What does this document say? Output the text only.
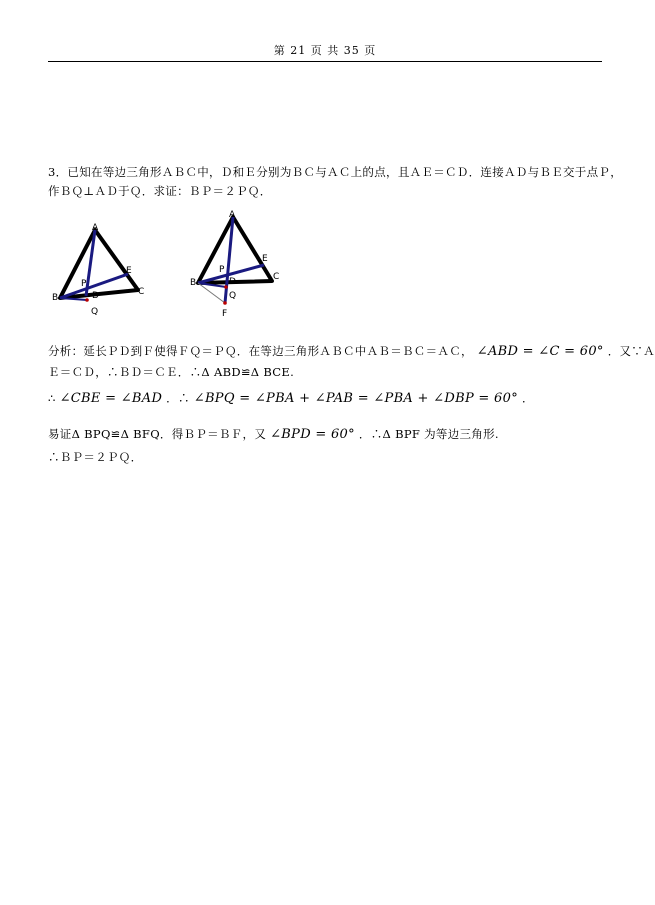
第 21 页 共 35 页
3．已知在等边三角形ＡＢＣ中，Ｄ和Ｅ分别为ＢＣ与ＡＣ上的点，且ＡＥ＝ＣＤ．连接ＡＤ与ＢＥ交于点Ｐ，
作ＢＱ⊥ＡＤ于Ｑ．求证：ＢＰ＝２ＰＱ．
A
B
C
D
E
P
Q
A
B
C
D
E
P
Q
F
分析：延长ＰＤ到Ｆ使得ＦＱ＝ＰＱ．在等边三角形ＡＢＣ中ＡＢ＝ＢＣ＝ＡＣ， ∠ABD = ∠C = 60° ．又∵Ａ
Ｅ＝ＣＤ，∴ＢＤ＝ＣＥ．∴Δ ABD≌Δ BCE.
∴ ∠CBE = ∠BAD ．∴ ∠BPQ = ∠PBA + ∠PAB = ∠PBA + ∠DBP = 60° ．
易证Δ BPQ≌Δ BFQ．得ＢＰ＝ＢＦ，又 ∠BPD = 60° ．∴Δ BPF 为等边三角形.
∴ＢＰ＝２ＰＱ．
